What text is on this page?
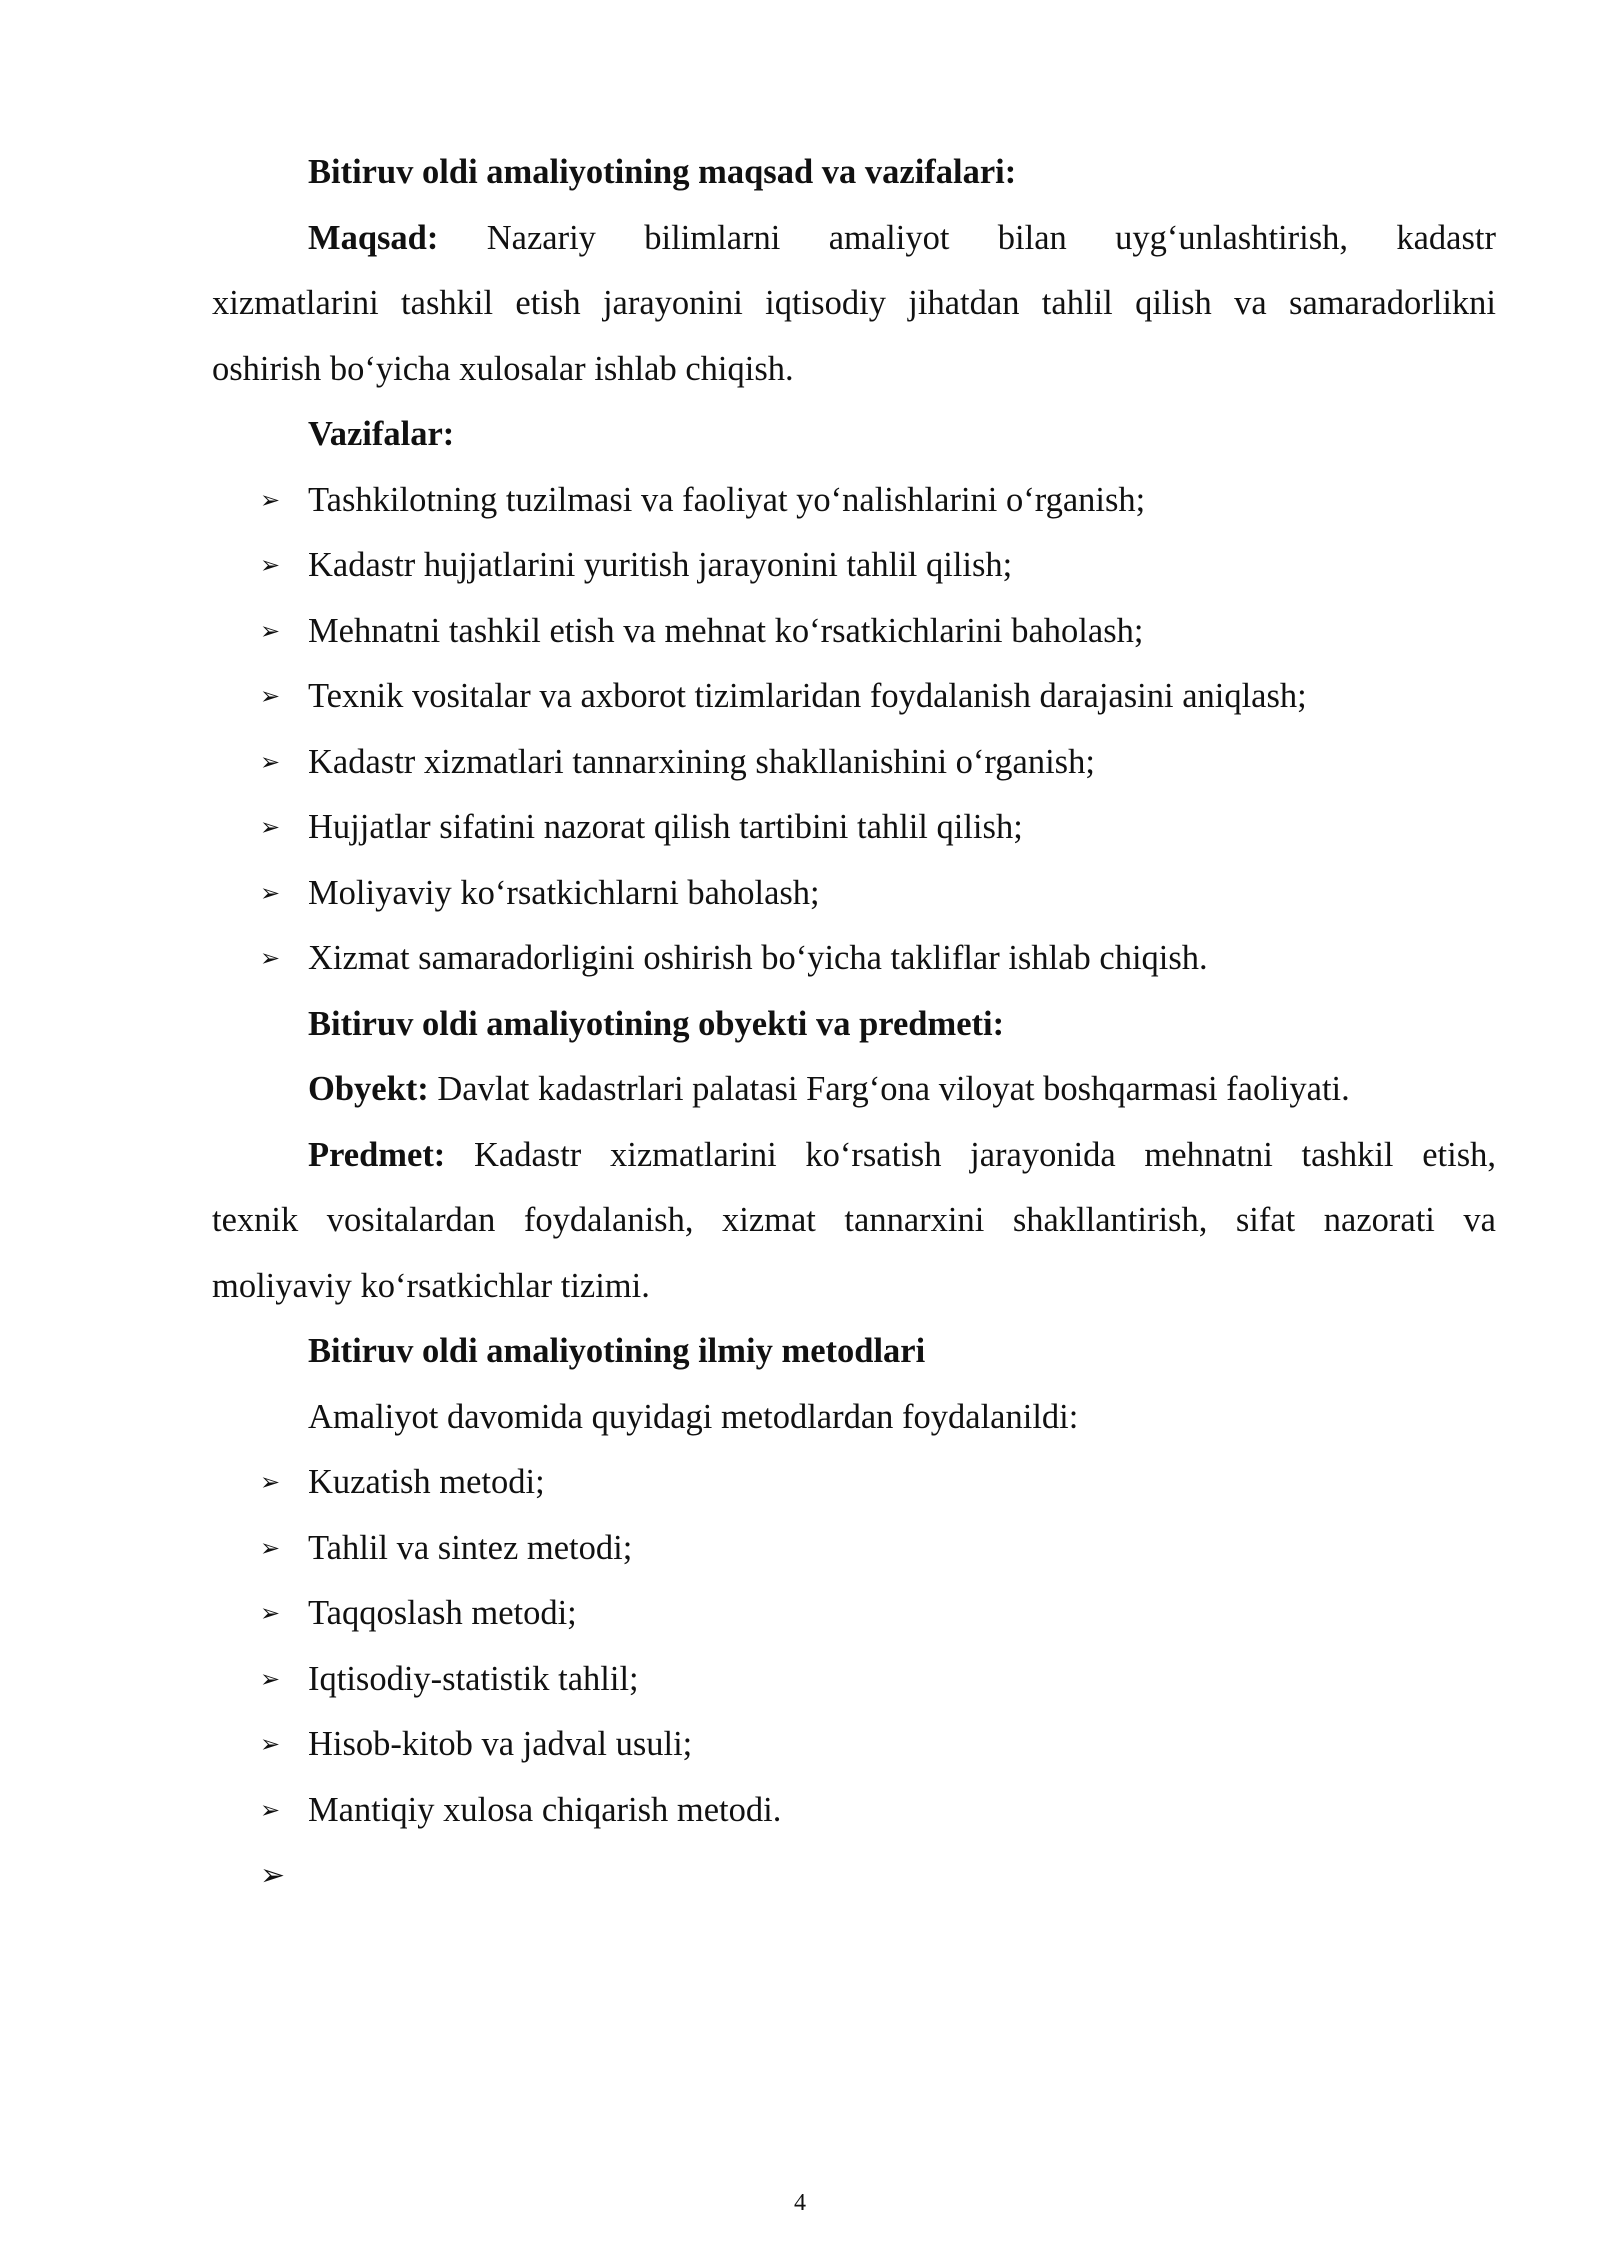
Bitiruv oldi amaliyotining maqsad va vazifalari:
Maqsad: Nazariy bilimlarni amaliyot bilan uyg‘unlashtirish, kadastr
xizmatlarini tashkil etish jarayonini iqtisodiy jihatdan tahlil qilish va samaradorlikni
oshirish bo‘yicha xulosalar ishlab chiqish.
Vazifalar:
➢ Tashkilotning tuzilmasi va faoliyat yo‘nalishlarini o‘rganish;
➢ Kadastr hujjatlarini yuritish jarayonini tahlil qilish;
➢ Mehnatni tashkil etish va mehnat ko‘rsatkichlarini baholash;
➢ Texnik vositalar va axborot tizimlaridan foydalanish darajasini aniqlash;
➢ Kadastr xizmatlari tannarxining shakllanishini o‘rganish;
➢ Hujjatlar sifatini nazorat qilish tartibini tahlil qilish;
➢ Moliyaviy ko‘rsatkichlarni baholash;
➢ Xizmat samaradorligini oshirish bo‘yicha takliflar ishlab chiqish.
Bitiruv oldi amaliyotining obyekti va predmeti:
Obyekt: Davlat kadastrlari palatasi Farg‘ona viloyat boshqarmasi faoliyati.
Predmet: Kadastr xizmatlarini ko‘rsatish jarayonida mehnatni tashkil etish,
texnik vositalardan foydalanish, xizmat tannarxini shakllantirish, sifat nazorati va
moliyaviy ko‘rsatkichlar tizimi.
Bitiruv oldi amaliyotining ilmiy metodlari
Amaliyot davomida quyidagi metodlardan foydalanildi:
➢ Kuzatish metodi;
➢ Tahlil va sintez metodi;
➢ Taqqoslash metodi;
➢ Iqtisodiy-statistik tahlil;
➢ Hisob-kitob va jadval usuli;
➢ Mantiqiy xulosa chiqarish metodi.
➢
4
